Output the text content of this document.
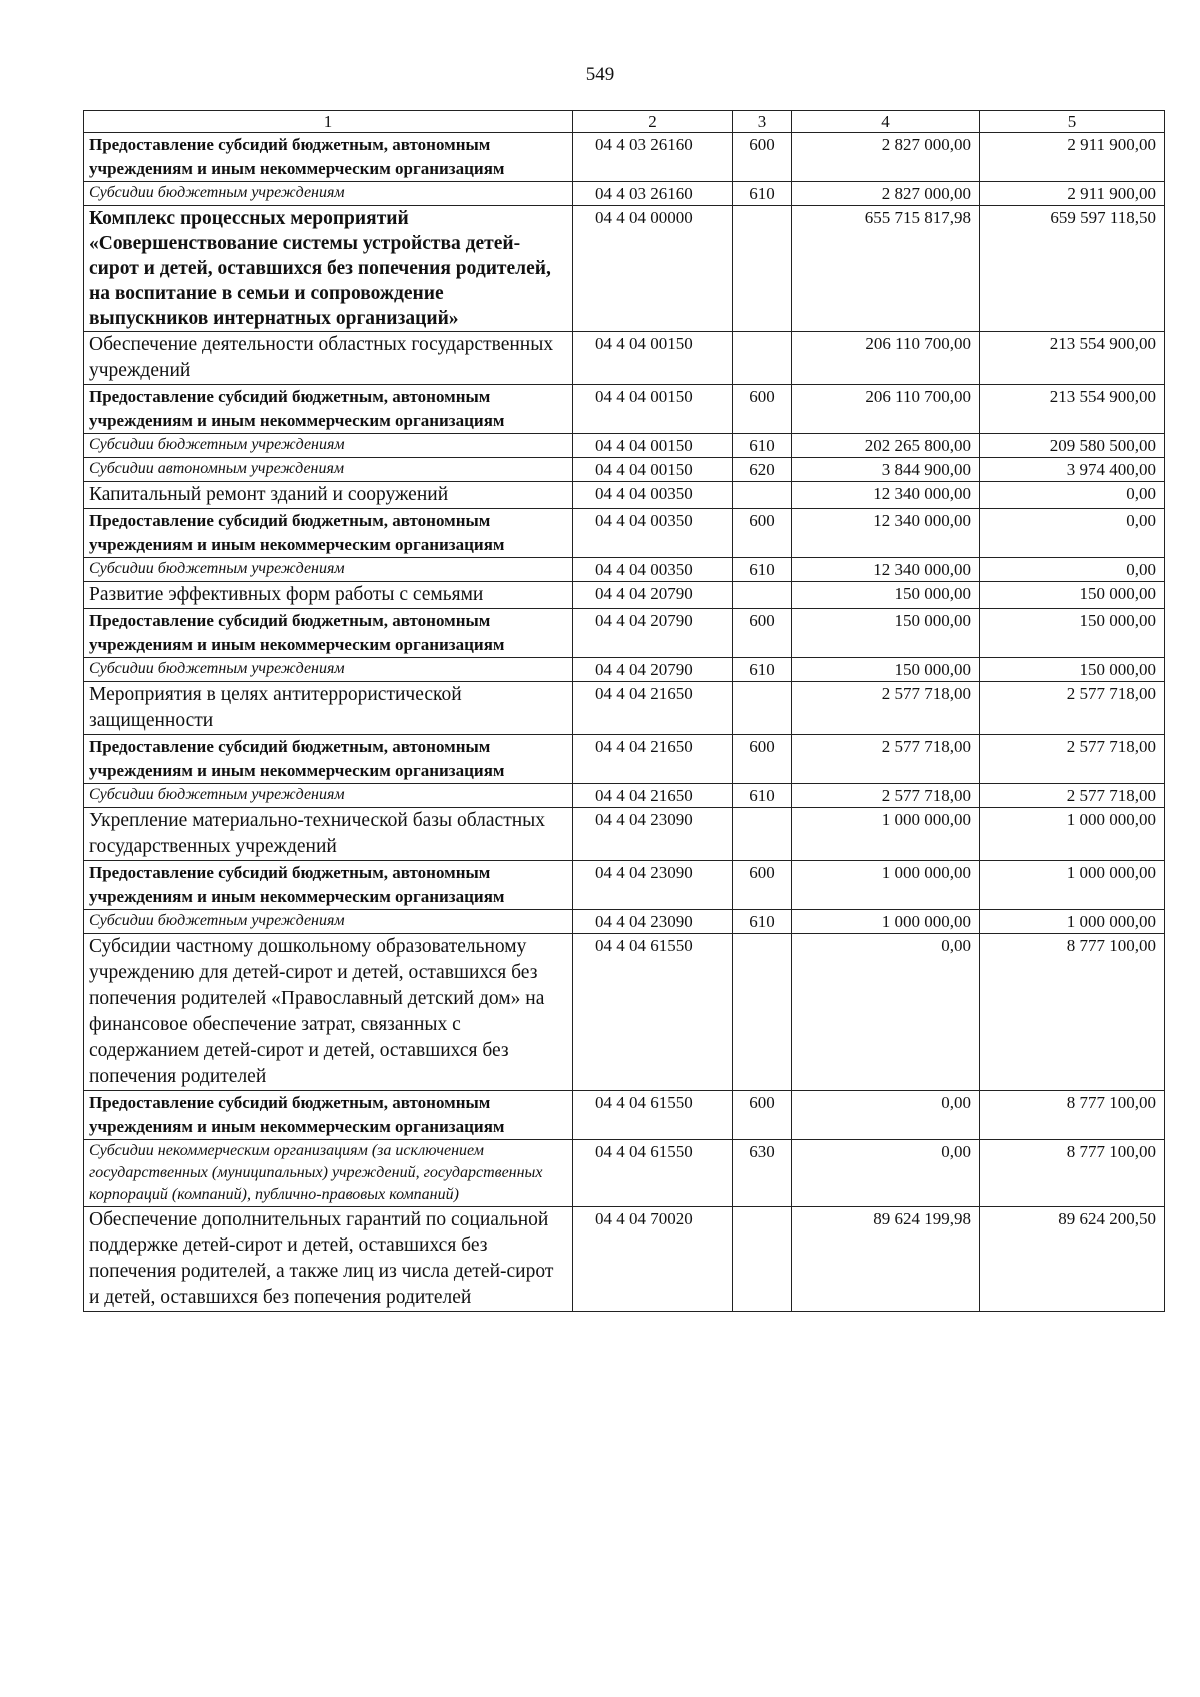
549
1	2	3	4	5
Предоставление субсидий бюджетным, автономным учреждениям и иным некоммерческим организациям	04 4 03 26160	600	2 827 000,00	2 911 900,00
Субсидии бюджетным учреждениям	04 4 03 26160	610	2 827 000,00	2 911 900,00
Комплекс процессных мероприятий «Совершенствование системы устройства детей-сирот и детей, оставшихся без попечения родителей, на воспитание в семьи и сопровождение выпускников интернатных организаций»	04 4 04 00000		655 715 817,98	659 597 118,50
Обеспечение деятельности областных государственных учреждений	04 4 04 00150		206 110 700,00	213 554 900,00
Предоставление субсидий бюджетным, автономным учреждениям и иным некоммерческим организациям	04 4 04 00150	600	206 110 700,00	213 554 900,00
Субсидии бюджетным учреждениям	04 4 04 00150	610	202 265 800,00	209 580 500,00
Субсидии автономным учреждениям	04 4 04 00150	620	3 844 900,00	3 974 400,00
Капитальный ремонт зданий и сооружений	04 4 04 00350		12 340 000,00	0,00
Предоставление субсидий бюджетным, автономным учреждениям и иным некоммерческим организациям	04 4 04 00350	600	12 340 000,00	0,00
Субсидии бюджетным учреждениям	04 4 04 00350	610	12 340 000,00	0,00
Развитие эффективных форм работы с семьями	04 4 04 20790		150 000,00	150 000,00
Предоставление субсидий бюджетным, автономным учреждениям и иным некоммерческим организациям	04 4 04 20790	600	150 000,00	150 000,00
Субсидии бюджетным учреждениям	04 4 04 20790	610	150 000,00	150 000,00
Мероприятия в целях антитеррористической защищенности	04 4 04 21650		2 577 718,00	2 577 718,00
Предоставление субсидий бюджетным, автономным учреждениям и иным некоммерческим организациям	04 4 04 21650	600	2 577 718,00	2 577 718,00
Субсидии бюджетным учреждениям	04 4 04 21650	610	2 577 718,00	2 577 718,00
Укрепление материально-технической базы областных государственных учреждений	04 4 04 23090		1 000 000,00	1 000 000,00
Предоставление субсидий бюджетным, автономным учреждениям и иным некоммерческим организациям	04 4 04 23090	600	1 000 000,00	1 000 000,00
Субсидии бюджетным учреждениям	04 4 04 23090	610	1 000 000,00	1 000 000,00
Субсидии частному дошкольному образовательному учреждению для детей-сирот и детей, оставшихся без попечения родителей «Православный детский дом» на финансовое обеспечение затрат, связанных с содержанием детей-сирот и детей, оставшихся без попечения родителей	04 4 04 61550		0,00	8 777 100,00
Предоставление субсидий бюджетным, автономным учреждениям и иным некоммерческим организациям	04 4 04 61550	600	0,00	8 777 100,00
Субсидии некоммерческим организациям (за исключением государственных (муниципальных) учреждений, государственных корпораций (компаний), публично-правовых компаний)	04 4 04 61550	630	0,00	8 777 100,00
Обеспечение дополнительных гарантий по социальной поддержке детей-сирот и детей, оставшихся без попечения родителей, а также лиц из числа детей-сирот и детей, оставшихся без попечения родителей	04 4 04 70020		89 624 199,98	89 624 200,50
